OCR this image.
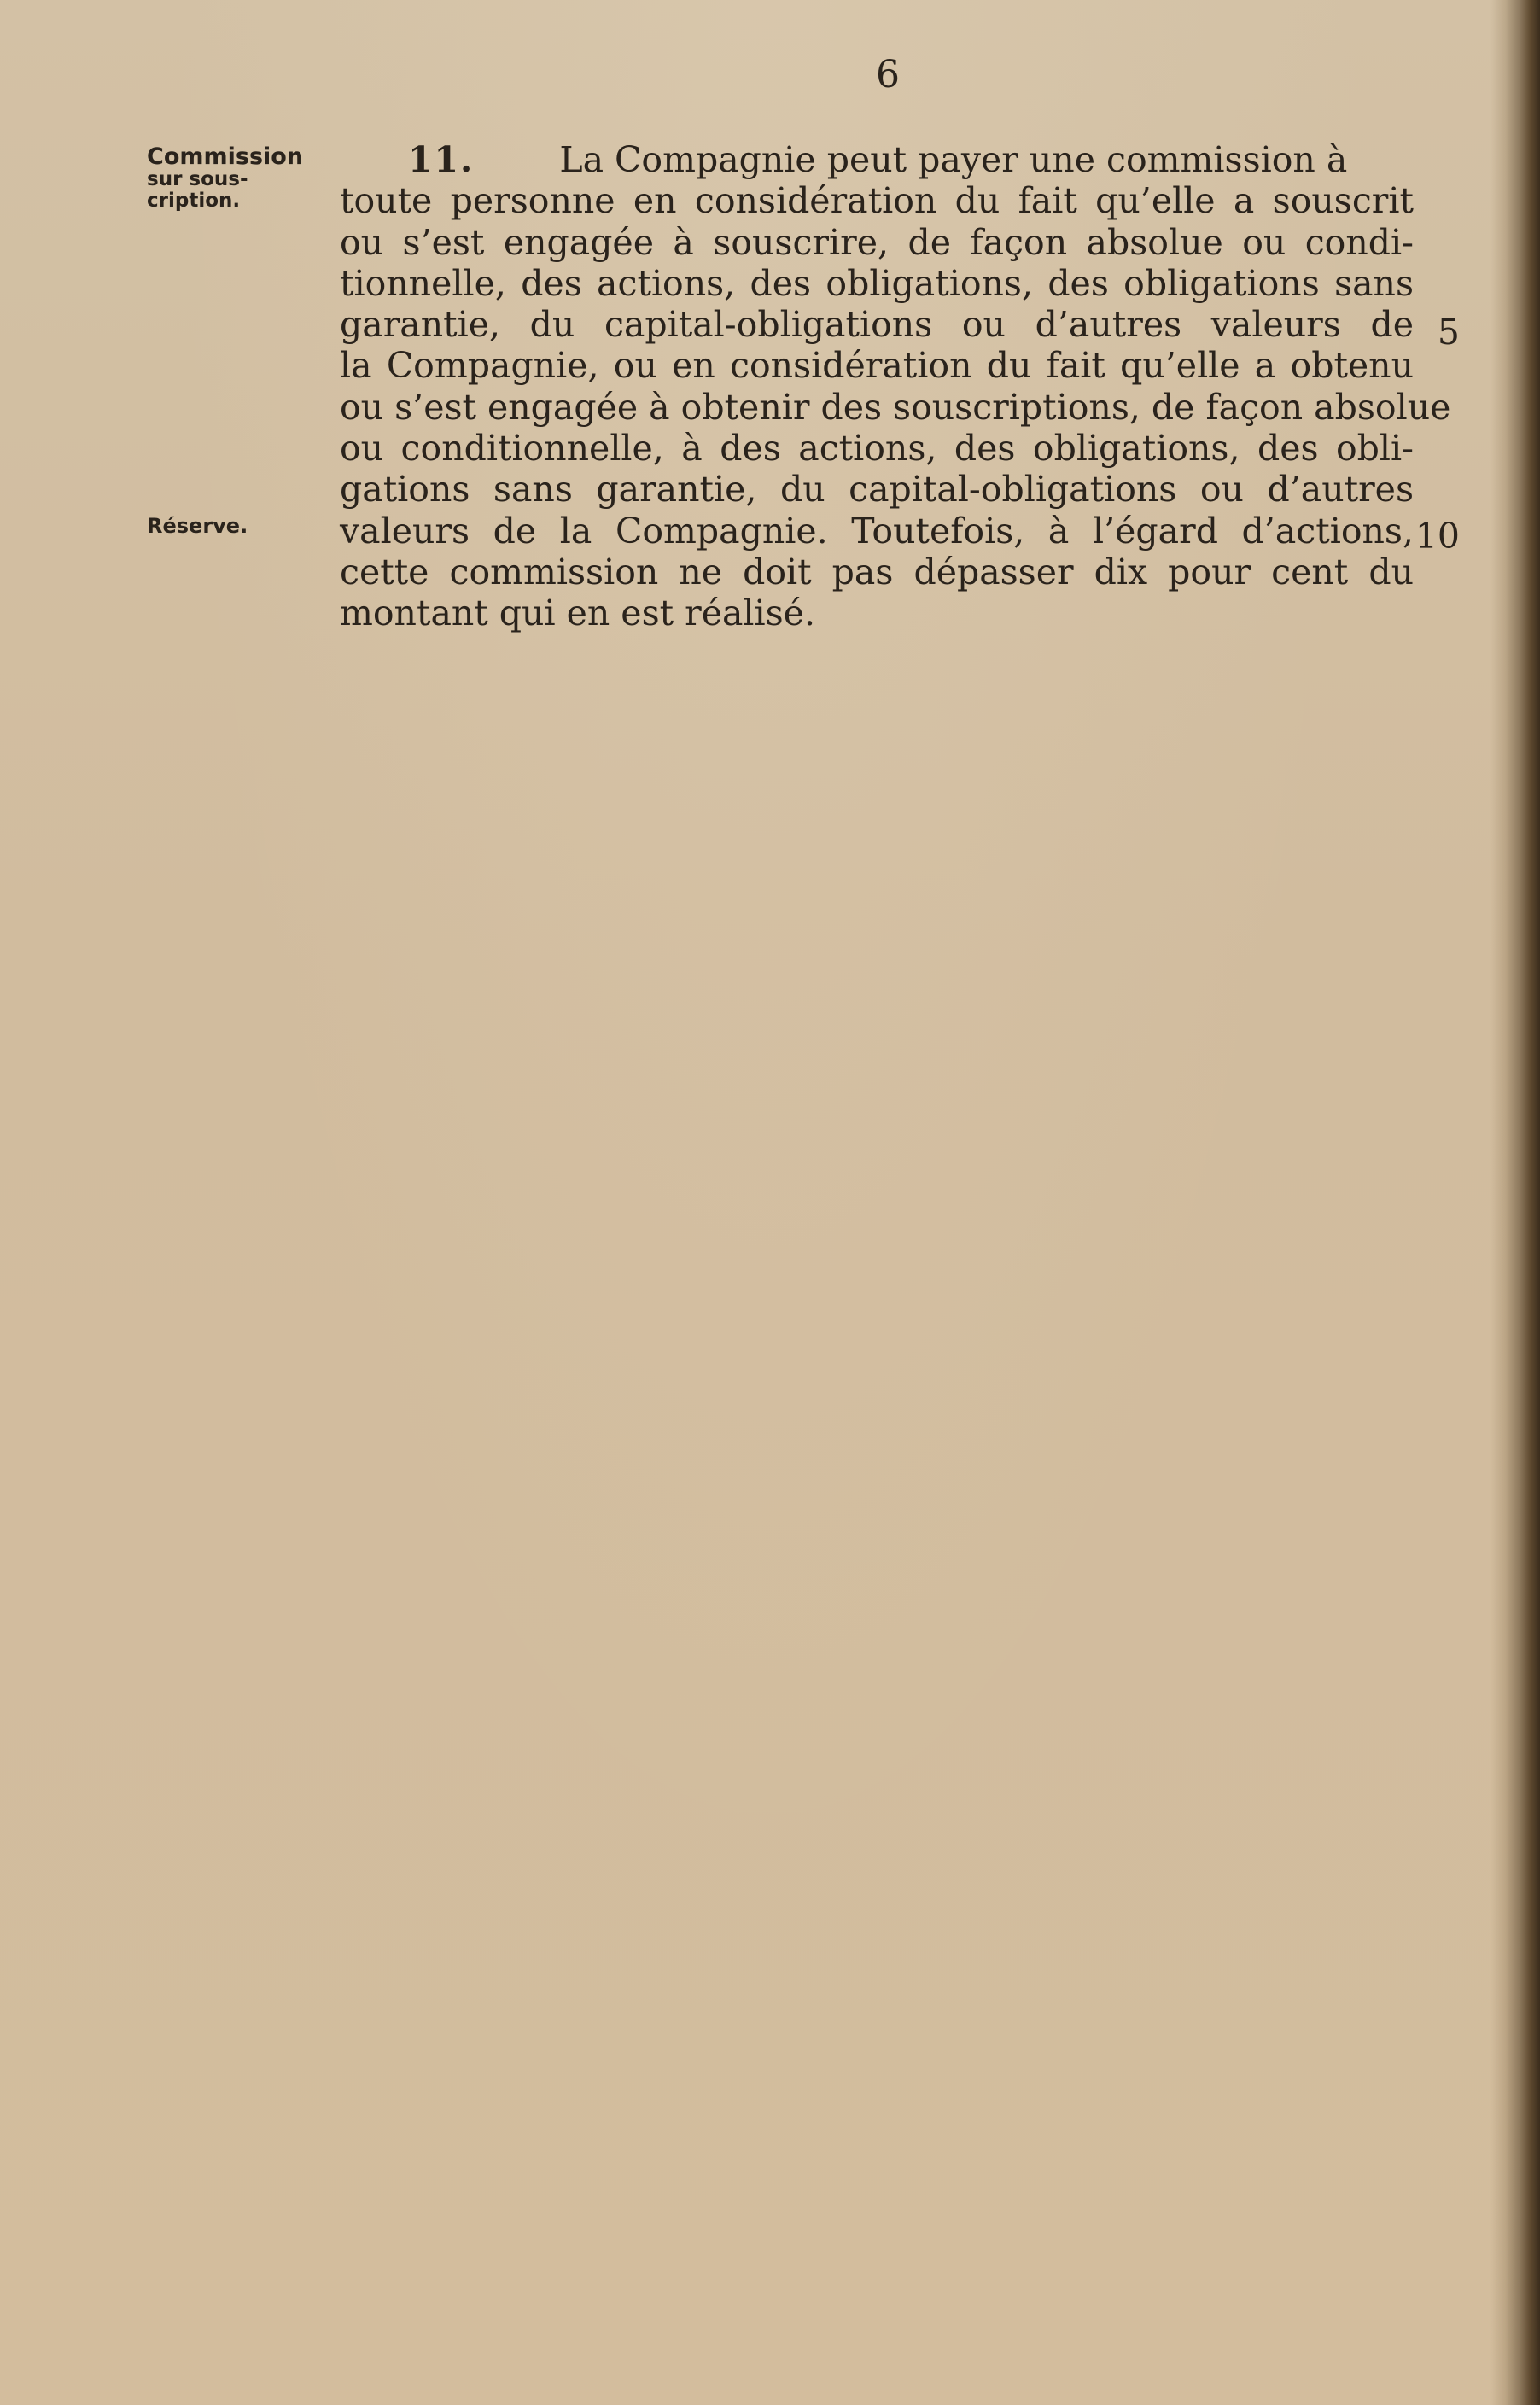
6
Commission
sur sous-
cription.
Réserve.
11. La Compagnie peut payer une commission à
toute personne en considération du fait qu’elle a souscrit
ou s’est engagée à souscrire, de façon absolue ou condi-
tionnelle, des actions, des obligations, des obligations sans
garantie, du capital-obligations ou d’autres valeurs de
la Compagnie, ou en considération du fait qu’elle a obtenu
ou s’est engagée à obtenir des souscriptions, de façon absolue
ou conditionnelle, à des actions, des obligations, des obli-
gations sans garantie, du capital-obligations ou d’autres
valeurs de la Compagnie. Toutefois, à l’égard d’actions,
cette commission ne doit pas dépasser dix pour cent du
montant qui en est réalisé.
5
10
